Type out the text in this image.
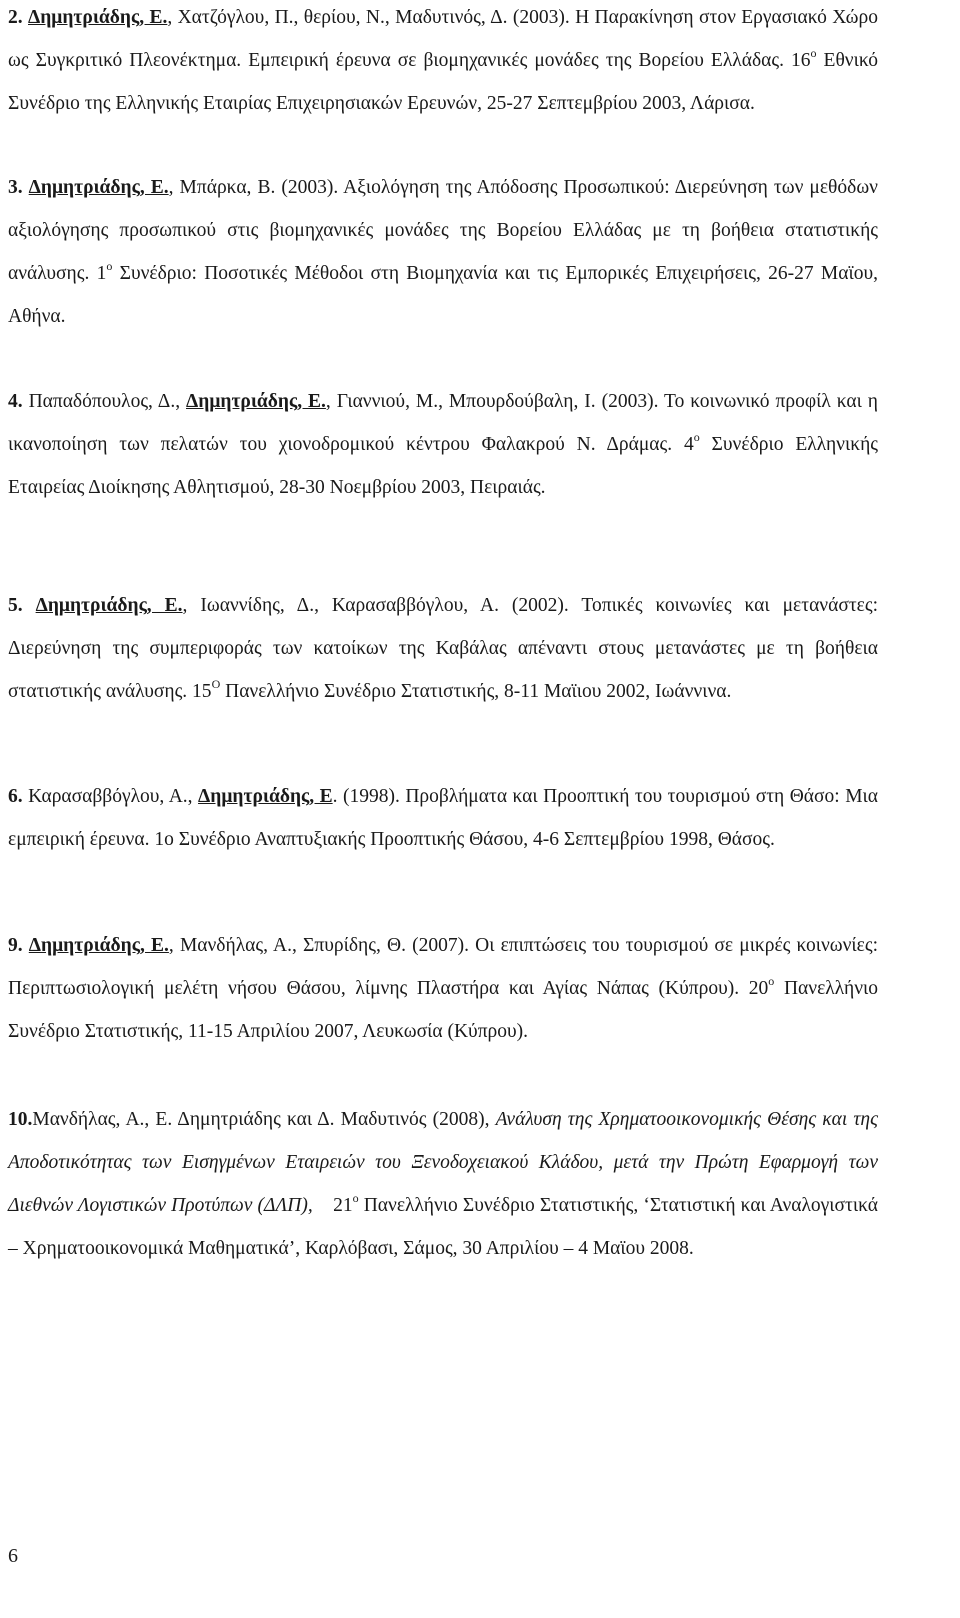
2. Δημητριάδης, Ε., Χατζόγλου, Π., θερίου, Ν., Μαδυτινός, Δ. (2003). Η Παρακίνηση στον Εργασιακό Χώρο ως Συγκριτικό Πλεονέκτημα. Εμπειρική έρευνα σε βιομηχανικές μονάδες της Βορείου Ελλάδας. $16^o$ Εθνικό Συνέδριο της Ελληνικής Εταιρίας Επιχειρησιακών Ερευνών, 25-27 Σεπτεμβρίου 2003, Λάρισα.

3. Δημητριάδης, Ε., Μπάρκα, Β. (2003). Αξιολόγηση της Απόδοσης Προσωπικού: Διερεύνηση των μεθόδων αξιολόγησης προσωπικού στις βιομηχανικές μονάδες της Βορείου Ελλάδας με τη βοήθεια στατιστικής ανάλυσης. $1^o$ Συνέδριο: Ποσοτικές Μέθοδοι στη Βιομηχανία και τις Εμπορικές Επιχειρήσεις, 26-27 Μαϊου, Αθήνα.

4. Παπαδόπουλος, Δ., Δημητριάδης, Ε., Γιαννιού, Μ., Μπουρδούβαλη, Ι. (2003). Το κοινωνικό προφίλ και η ικανοποίηση των πελατών του χιονοδρομικού κέντρου Φαλακρού Ν. Δράμας. $4^o$ Συνέδριο Ελληνικής Εταιρείας Διοίκησης Αθλητισμού, 28-30 Νοεμβρίου 2003, Πειραιάς.

5. Δημητριάδης, Ε., Ιωαννίδης, Δ., Καρασαββόγλου, Α. (2002). Τοπικές κοινωνίες και μετανάστες: Διερεύνηση της συμπεριφοράς των κατοίκων της Καβάλας απέναντι στους μετανάστες με τη βοήθεια στατιστικής ανάλυσης. $15^O$ Πανελλήνιο Συνέδριο Στατιστικής, 8-11 Μαϊιου 2002, Ιωάννινα.

6. Καρασαββόγλου, Α., Δημητριάδης, Ε. (1998). Προβλήματα και Προοπτική του τουρισμού στη Θάσο: Μια εμπειρική έρευνα. 1ο Συνέδριο Αναπτυξιακής Προοπτικής Θάσου, 4-6 Σεπτεμβρίου 1998, Θάσος.

9. Δημητριάδης, Ε., Μανδήλας, Α., Σπυρίδης, Θ. (2007). Οι επιπτώσεις του τουρισμού σε μικρές κοινωνίες: Περιπτωσιολογική μελέτη νήσου Θάσου, λίμνης Πλαστήρα και Αγίας Νάπας (Κύπρου). $20^o$ Πανελλήνιο Συνέδριο Στατιστικής, 11-15 Απριλίου 2007, Λευκωσία (Κύπρου).

10.Μανδήλας, Α., Ε. Δημητριάδης και Δ. Μαδυτινός (2008), Ανάλυση της Χρηματοοικονομικής Θέσης και της Αποδοτικότητας των Εισηγμένων Εταιρειών του Ξενοδοχειακού Κλάδου, μετά την Πρώτη Εφαρμογή των Διεθνών Λογιστικών Προτύπων (ΔΛΠ),    $21^o$ Πανελλήνιο Συνέδριο Στατιστικής, ‘Στατιστική και Αναλογιστικά – Χρηματοοικονομικά Μαθηματικά’, Καρλόβασι, Σάμος, 30 Απριλίου – 4 Μαϊου 2008.

6
